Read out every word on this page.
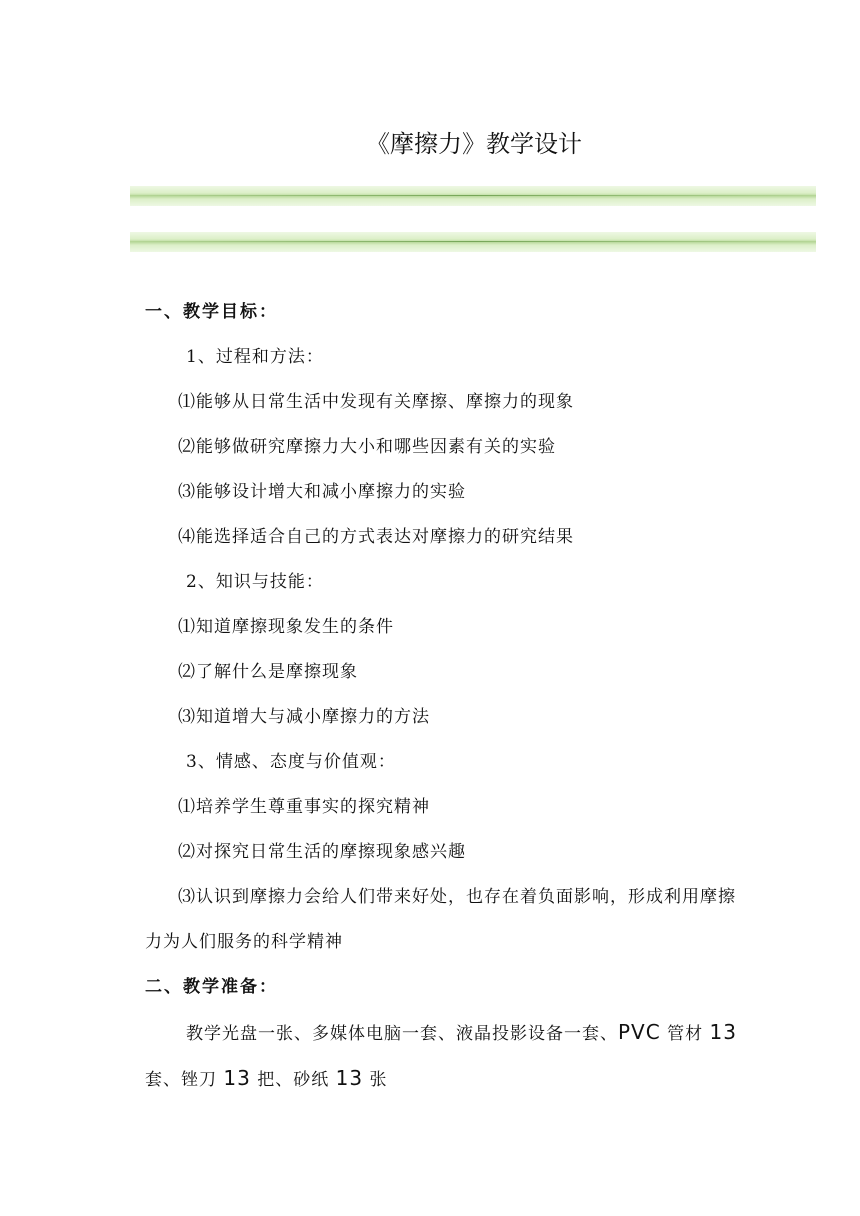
《摩擦力》教学设计
一、教学目标：
1、过程和方法：
⑴能够从日常生活中发现有关摩擦、摩擦力的现象
⑵能够做研究摩擦力大小和哪些因素有关的实验
⑶能够设计增大和减小摩擦力的实验
⑷能选择适合自己的方式表达对摩擦力的研究结果
2、知识与技能：
⑴知道摩擦现象发生的条件
⑵了解什么是摩擦现象
⑶知道增大与减小摩擦力的方法
3、情感、态度与价值观：
⑴培养学生尊重事实的探究精神
⑵对探究日常生活的摩擦现象感兴趣
⑶认识到摩擦力会给人们带来好处，也存在着负面影响，形成利用摩擦
力为人们服务的科学精神
二、教学准备：
教学光盘一张、多媒体电脑一套、液晶投影设备一套、PVC 管材 13
套、锉刀 13 把、砂纸 13 张
